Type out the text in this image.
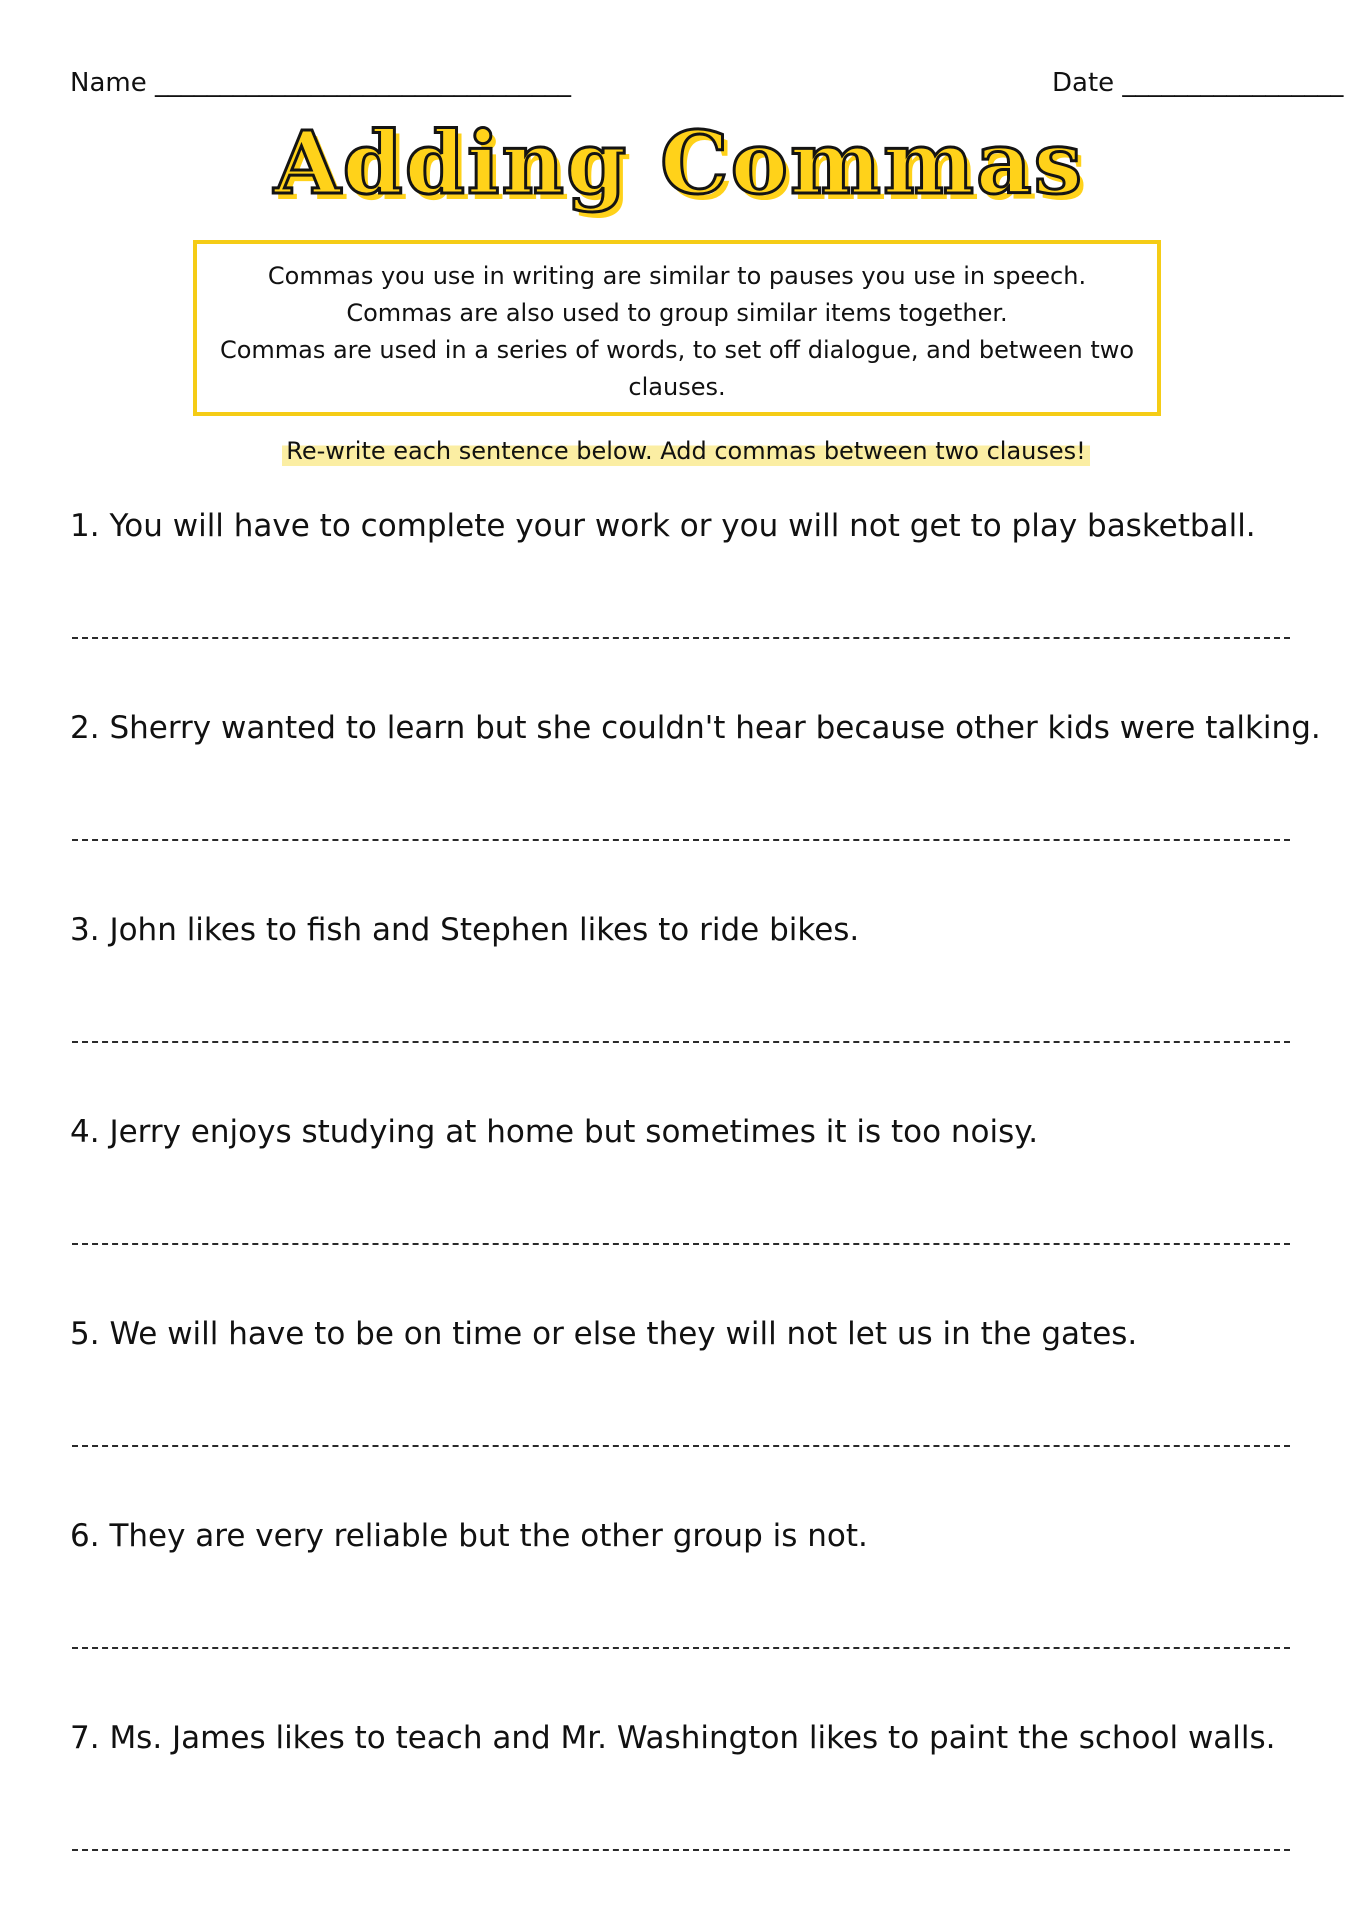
Name ________________________________	Date _________________
Adding Commas

Commas you use in writing are similar to pauses you use in speech. Commas are also used to group similar items together.

Commas are used in a series of words, to set off dialogue, and between two clauses.

Re-write each sentence below. Add commas between two clauses!
1. You will have to complete your work or you will not get to play basketball.
2. Sherry wanted to learn but she couldn't hear because other kids were talking.
3. John likes to fish and Stephen likes to ride bikes.
4. Jerry enjoys studying at home but sometimes it is too noisy.
5. We will have to be on time or else they will not let us in the gates.
6. They are very reliable but the other group is not.
7. Ms. James likes to teach and Mr. Washington likes to paint the school walls.
